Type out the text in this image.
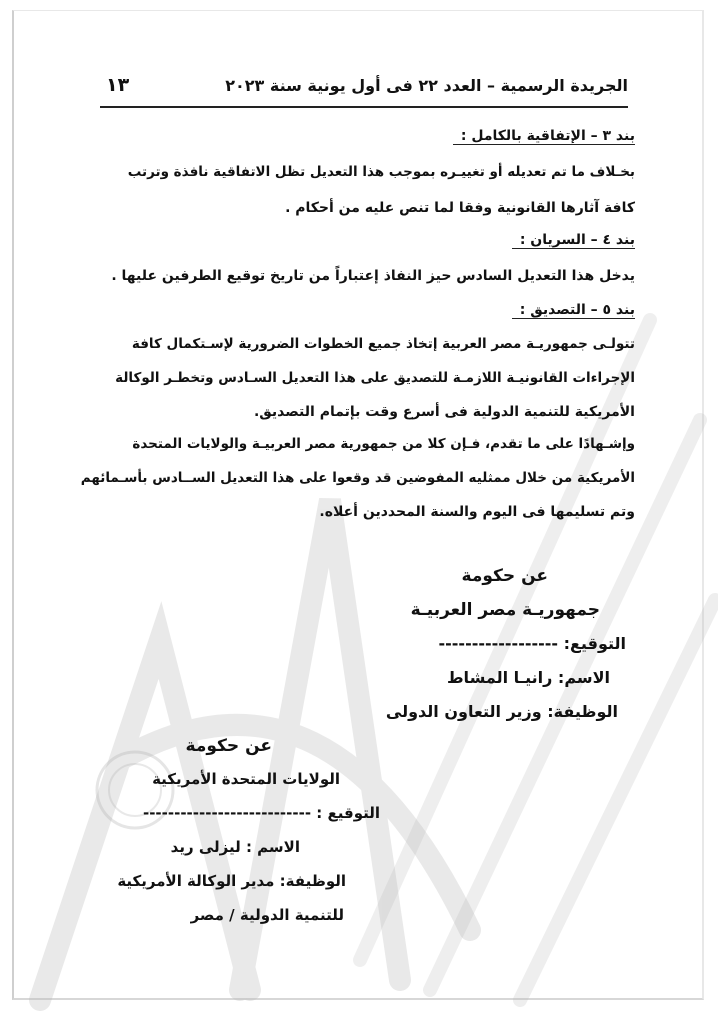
الجريدة الرسمية – العدد ٢٢ فى أول يونية سنة ٢٠٢٣
١٣
بند ٣ – الإتفاقية بالكامل :
بخـلاف ما تم تعديله أو تغييـره بموجب هذا التعديل تظل الاتفاقية نافذة وترتب
كافة آثارها القانونية وفقا لما تنص عليه من أحكام .
بند ٤ – السريان :
يدخل هذا التعديل السادس حيز النفاذ إعتباراً من تاريخ توقيع الطرفين عليها .
بند ٥ – التصديق :
تتولـى جمهوريـة مصر العربية إتخاذ جميع الخطوات الضرورية لإسـتكمال كافة
الإجراءات القانونيـة اللازمـة للتصديق على هذا التعديل السـادس وتخطـر الوكالة
الأمريكية للتنمية الدولية فى أسرع وقت بإتمام التصديق.
وإشـهادًا على ما تقدم، فـإن كلا من جمهورية مصر العربيـة والولايات المتحدة
الأمريكية من خلال ممثليه المفوضين قد وقعوا على هذا التعديل الســادس بأسـمائهم
وتم تسليمها فى اليوم والسنة المحددين أعلاه.
عن حكومة
جمهوريـة مصر العربيـة
التوقيع: ------------------
الاسم: رانيـا المشاط
الوظيفة: وزير التعاون الدولى
عن حكومة
الولايات المتحدة الأمريكية
التوقيع : ---------------------------
الاسم : ليزلى ريد
الوظيفة: مدير الوكالة الأمريكية
للتنمية الدولية / مصر
